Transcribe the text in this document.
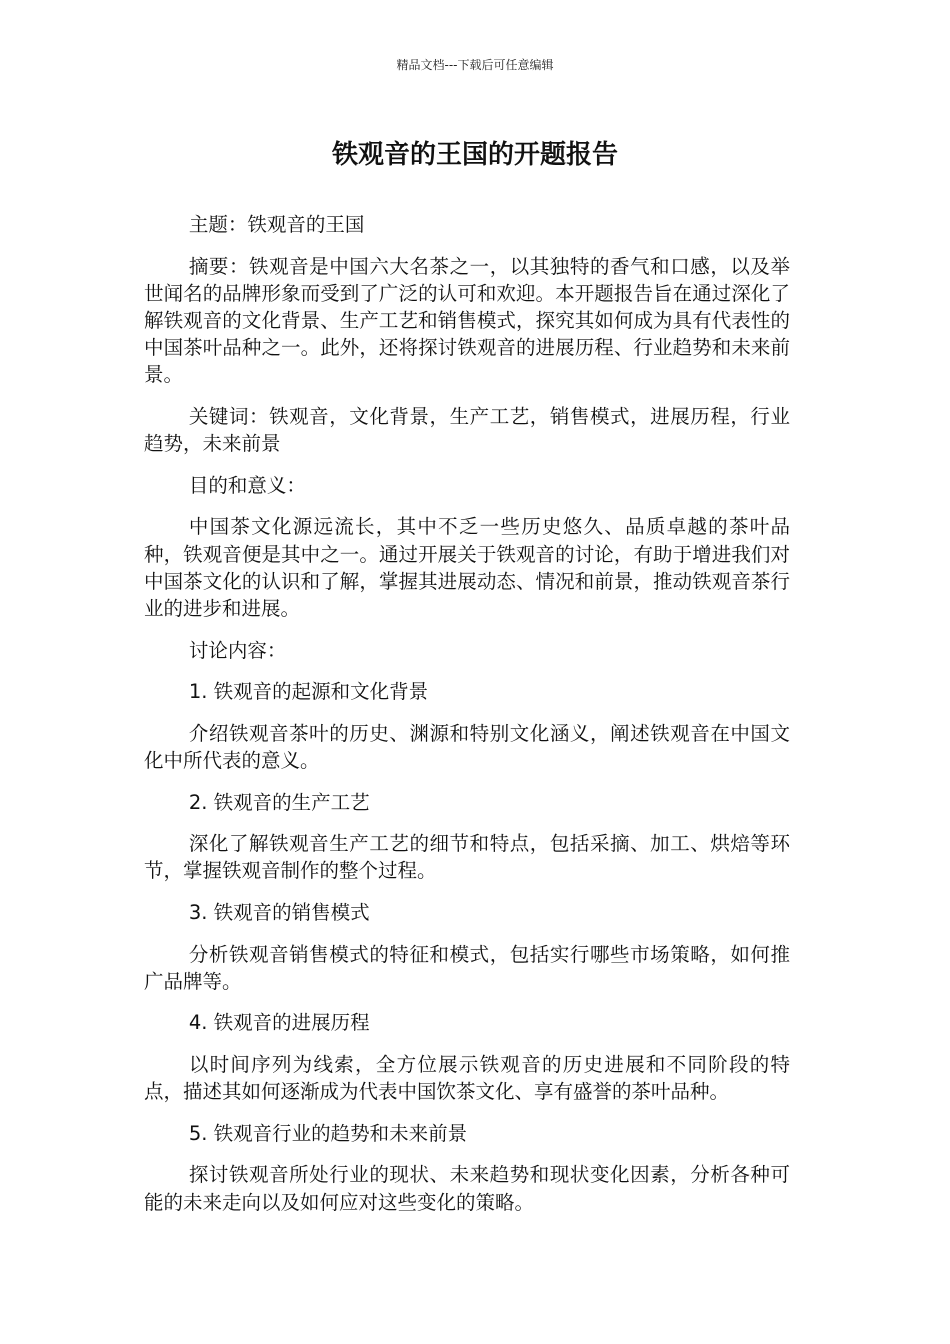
精品文档---下载后可任意编辑
铁观音的王国的开题报告

主题：铁观音的王国

摘要：铁观音是中国六大名茶之一，以其独特的香气和口感，以及举世闻名的品牌形象而受到了广泛的认可和欢迎。本开题报告旨在通过深化了解铁观音的文化背景、生产工艺和销售模式，探究其如何成为具有代表性的中国茶叶品种之一。此外，还将探讨铁观音的进展历程、行业趋势和未来前景。

关键词：铁观音，文化背景，生产工艺，销售模式，进展历程，行业趋势，未来前景

目的和意义：

中国茶文化源远流长，其中不乏一些历史悠久、品质卓越的茶叶品种，铁观音便是其中之一。通过开展关于铁观音的讨论，有助于增进我们对中国茶文化的认识和了解，掌握其进展动态、情况和前景，推动铁观音茶行业的进步和进展。

讨论内容：

1. 铁观音的起源和文化背景

介绍铁观音茶叶的历史、渊源和特别文化涵义，阐述铁观音在中国文化中所代表的意义。

2. 铁观音的生产工艺

深化了解铁观音生产工艺的细节和特点，包括采摘、加工、烘焙等环节，掌握铁观音制作的整个过程。

3. 铁观音的销售模式

分析铁观音销售模式的特征和模式，包括实行哪些市场策略，如何推广品牌等。

4. 铁观音的进展历程

以时间序列为线索，全方位展示铁观音的历史进展和不同阶段的特点，描述其如何逐渐成为代表中国饮茶文化、享有盛誉的茶叶品种。

5. 铁观音行业的趋势和未来前景

探讨铁观音所处行业的现状、未来趋势和现状变化因素，分析各种可能的未来走向以及如何应对这些变化的策略。
